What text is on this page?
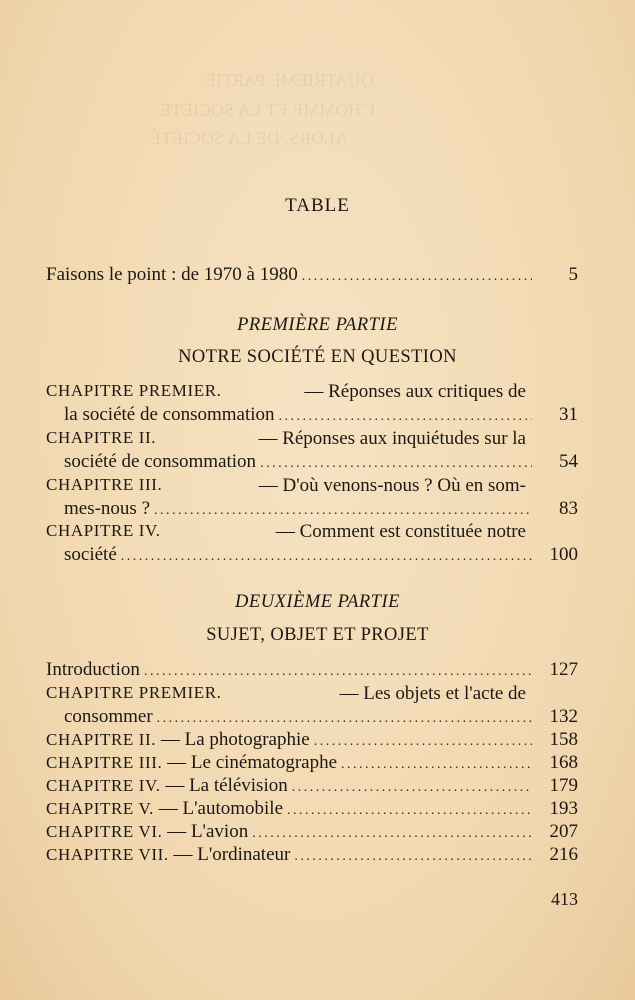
QUATRIÈME PARTIE
L'HOMME ET LA SOCIÉTÉ
ALORS, DE LA SOCIÉTÉ
TABLE
Faisons le point : de 1970 à 1980 .....	5
PREMIÈRE PARTIE
NOTRE SOCIÉTÉ EN QUESTION
CHAPITRE PREMIER.	— Réponses aux critiques de
la société de consommation .....	31
CHAPITRE II.	— Réponses aux inquiétudes sur la
société de consommation .....	54
CHAPITRE III.	— D'où venons-nous ? Où en som-
mes-nous ? .....	83
CHAPITRE IV.	— Comment est constituée notre
société .....	100
DEUXIÈME PARTIE
SUJET, OBJET ET PROJET
Introduction .....	127
CHAPITRE PREMIER.	— Les objets et l'acte de
consommer .....	132
CHAPITRE II. — La photographie .....	158
CHAPITRE III. — Le cinématographe .....	168
CHAPITRE IV. — La télévision .....	179
CHAPITRE V. — L'automobile .....	193
CHAPITRE VI. — L'avion .....	207
CHAPITRE VII. — L'ordinateur .....	216
413
